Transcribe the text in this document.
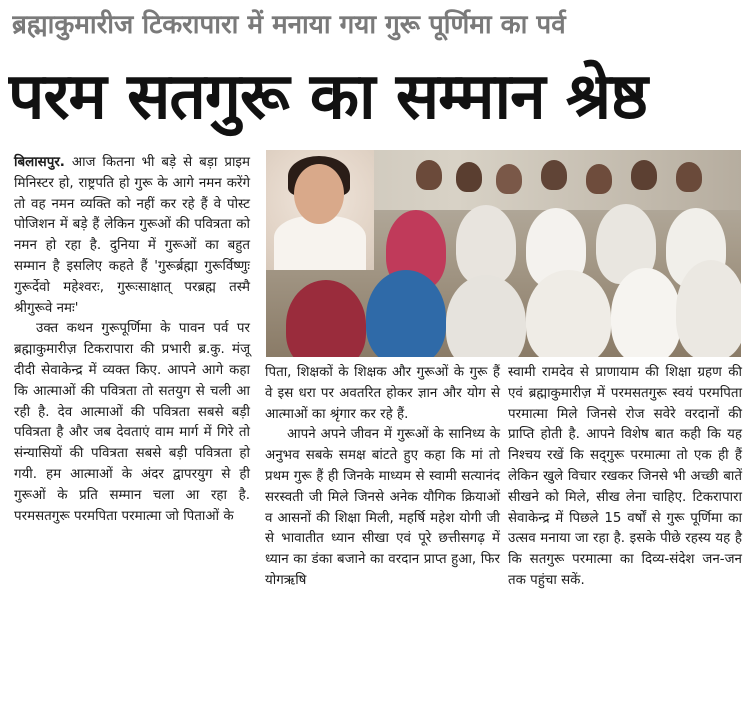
ब्रह्माकुमारीज टिकरापारा में मनाया गया गुरू पूर्णिमा का पर्व
परम सतगुरू का सम्मान श्रेष्ठ

बिलासपुर. आज कितना भी बड़े से बड़ा प्राइम मिनिस्टर हो, राष्ट्रपति हो गुरू के आगे नमन करेंगे तो वह नमन व्यक्ति को नहीं कर रहे हैं वे पोस्ट पोजिशन में बड़े हैं लेकिन गुरूओं की पवित्रता को नमन हो रहा है. दुनिया में गुरूओं का बहुत सम्मान है इसलिए कहते हैं 'गुरूर्ब्रह्मा गुरूर्विष्णुः गुरूर्देवो महेश्वरः, गुरूःसाक्षात् परब्रह्म तस्मै श्रीगुरूवे नमः'

उक्त कथन गुरूपूर्णिमा के पावन पर्व पर ब्रह्माकुमारीज़ टिकरापारा की प्रभारी ब्र.कु. मंजू दीदी सेवाकेन्द्र में व्यक्त किए. आपने आगे कहा कि आत्माओं की पवित्रता तो सतयुग से चली आ रही है. देव आत्माओं की पवित्रता सबसे बड़ी पवित्रता है और जब देवताएं वाम मार्ग में गिरे तो संन्यासियों की पवित्रता सबसे बड़ी पवित्रता हो गयी. हम आत्माओं के अंदर द्वापरयुग से ही गुरूओं के प्रति सम्मान चला आ रहा है. परमसतगुरू परमपिता परमात्मा जो पिताओं के

पिता, शिक्षकों के शिक्षक और गुरूओं के गुरू हैं वे इस धरा पर अवतरित होकर ज्ञान और योग से आत्माओं का श्रृंगार कर रहे हैं.

आपने अपने जीवन में गुरूओं के सानिध्य के अनुभव सबके समक्ष बांटते हुए कहा कि मां तो प्रथम गुरू हैं ही जिनके माध्यम से स्वामी सत्यानंद सरस्वती जी मिले जिनसे अनेक यौगिक क्रियाओं व आसनों की शिक्षा मिली, महर्षि महेश योगी जी से भावातीत ध्यान सीखा एवं पूरे छत्तीसगढ़ में ध्यान का डंका बजाने का वरदान प्राप्त हुआ, फिर योगऋषि

स्वामी रामदेव से प्राणायाम की शिक्षा ग्रहण की एवं ब्रह्माकुमारीज़ में परमसतगुरू स्वयं परमपिता परमात्मा मिले जिनसे रोज सवेरे वरदानों की प्राप्ति होती है. आपने विशेष बात कही कि यह निश्चय रखें कि सद्‌गुरू परमात्मा तो एक ही हैं लेकिन खुले विचार रखकर जिनसे भी अच्छी बातें सीखने को मिले, सीख लेना चाहिए. टिकरापारा सेवाकेन्द्र में पिछले 15 वर्षों से गुरू पूर्णिमा का उत्सव मनाया जा रहा है. इसके पीछे रहस्य यह है कि सतगुरू परमात्मा का दिव्य-संदेश जन-जन तक पहुंचा सकें.
